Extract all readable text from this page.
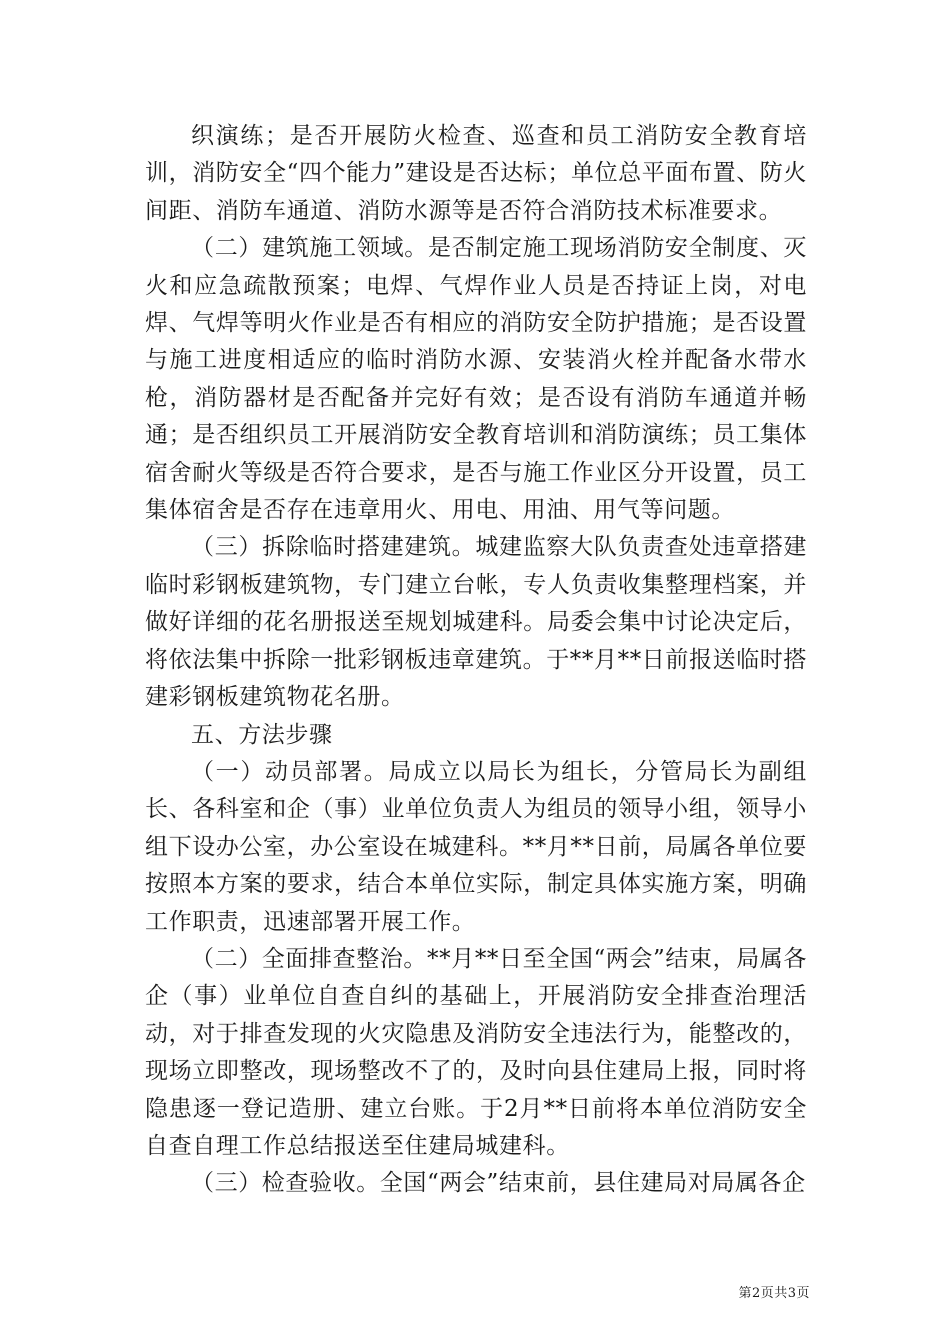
织演练；是否开展防火检查、巡查和员工消防安全教育培训，消防安全“四个能力”建设是否达标；单位总平面布置、防火间距、消防车通道、消防水源等是否符合消防技术标准要求。

（二）建筑施工领域。是否制定施工现场消防安全制度、灭火和应急疏散预案；电焊、气焊作业人员是否持证上岗，对电焊、气焊等明火作业是否有相应的消防安全防护措施；是否设置与施工进度相适应的临时消防水源、安装消火栓并配备水带水枪，消防器材是否配备并完好有效；是否设有消防车通道并畅通；是否组织员工开展消防安全教育培训和消防演练；员工集体宿舍耐火等级是否符合要求，是否与施工作业区分开设置，员工集体宿舍是否存在违章用火、用电、用油、用气等问题。

（三）拆除临时搭建建筑。城建监察大队负责查处违章搭建临时彩钢板建筑物，专门建立台帐，专人负责收集整理档案，并做好详细的花名册报送至规划城建科。局委会集中讨论决定后，将依法集中拆除一批彩钢板违章建筑。于**月**日前报送临时搭建彩钢板建筑物花名册。

五、方法步骤

（一）动员部署。局成立以局长为组长，分管局长为副组长、各科室和企（事）业单位负责人为组员的领导小组，领导小组下设办公室，办公室设在城建科。**月**日前，局属各单位要按照本方案的要求，结合本单位实际，制定具体实施方案，明确工作职责，迅速部署开展工作。

（二）全面排查整治。**月**日至全国“两会”结束，局属各企（事）业单位自查自纠的基础上，开展消防安全排查治理活动，对于排查发现的火灾隐患及消防安全违法行为，能整改的，现场立即整改，现场整改不了的，及时向县住建局上报，同时将隐患逐一登记造册、建立台账。于2月**日前将本单位消防安全自查自理工作总结报送至住建局城建科。

（三）检查验收。全国“两会”结束前，县住建局对局属各企

第2页共3页
